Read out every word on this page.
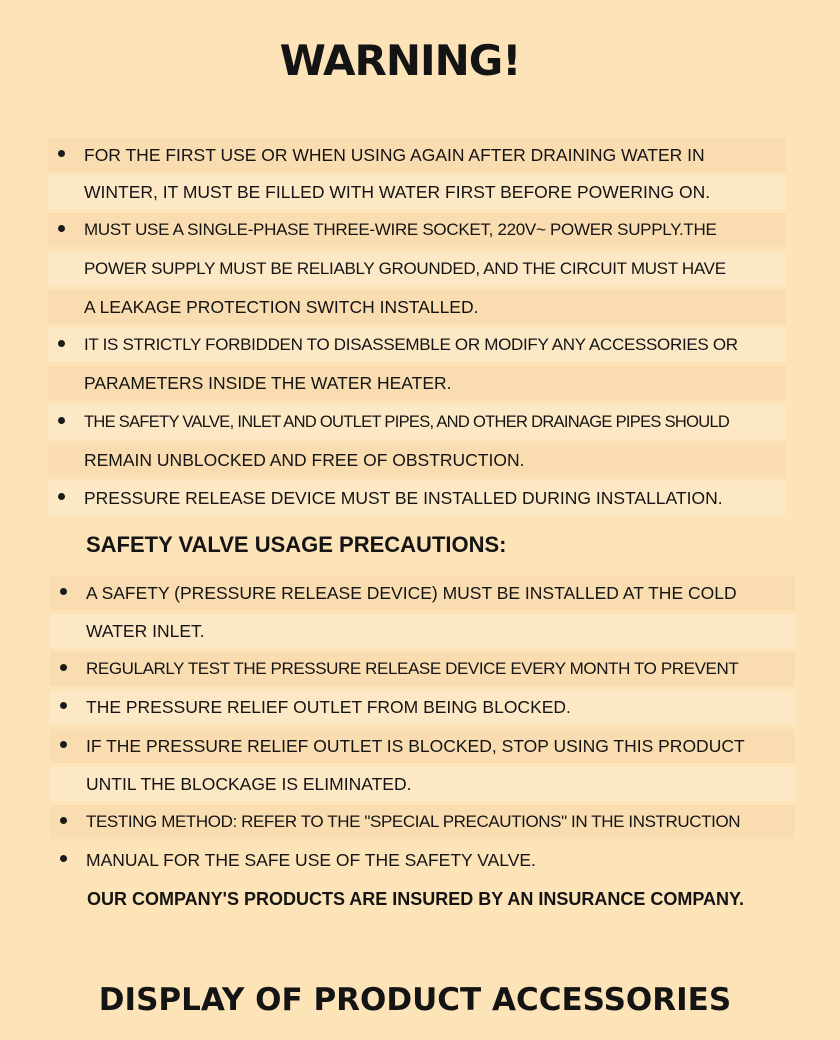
WARNING!
FOR THE FIRST USE OR WHEN USING AGAIN AFTER DRAINING WATER IN
WINTER, IT MUST BE FILLED WITH WATER FIRST BEFORE POWERING ON.
MUST USE A SINGLE-PHASE THREE-WIRE SOCKET, 220V~ POWER SUPPLY.THE
POWER SUPPLY MUST BE RELIABLY GROUNDED, AND THE CIRCUIT MUST HAVE
A LEAKAGE PROTECTION SWITCH INSTALLED.
IT IS STRICTLY FORBIDDEN TO DISASSEMBLE OR MODIFY ANY ACCESSORIES OR
PARAMETERS INSIDE THE WATER HEATER.
THE SAFETY VALVE, INLET AND OUTLET PIPES, AND OTHER DRAINAGE PIPES SHOULD
REMAIN UNBLOCKED AND FREE OF OBSTRUCTION.
PRESSURE RELEASE DEVICE MUST BE INSTALLED DURING INSTALLATION.
SAFETY VALVE USAGE PRECAUTIONS:
A SAFETY (PRESSURE RELEASE DEVICE) MUST BE INSTALLED AT THE COLD
WATER INLET.
REGULARLY TEST THE PRESSURE RELEASE DEVICE EVERY MONTH TO PREVENT
THE PRESSURE RELIEF OUTLET FROM BEING BLOCKED.
IF THE PRESSURE RELIEF OUTLET IS BLOCKED, STOP USING THIS PRODUCT
UNTIL THE BLOCKAGE IS ELIMINATED.
TESTING METHOD: REFER TO THE "SPECIAL PRECAUTIONS" IN THE INSTRUCTION
MANUAL FOR THE SAFE USE OF THE SAFETY VALVE.
OUR COMPANY'S PRODUCTS ARE INSURED BY AN INSURANCE COMPANY.
DISPLAY OF PRODUCT ACCESSORIES
